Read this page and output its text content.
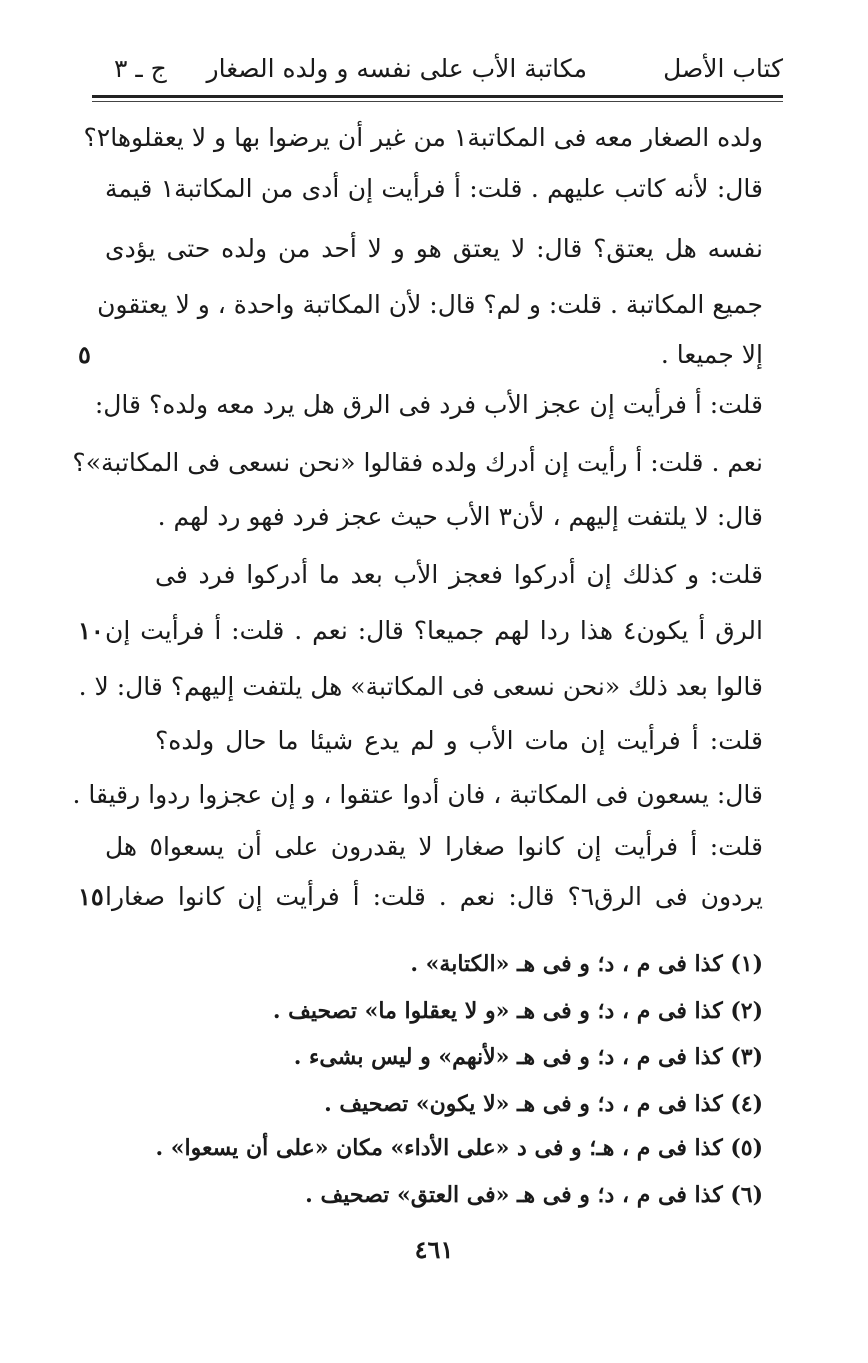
كتاب الأصل
مكاتبة الأب على نفسه و ولده الصغار
ج ـ ٣
ولده الصغار معه فى المكاتبة١ من غير أن يرضوا بها و لا يعقلوها٢؟
قال: لأنه كاتب عليهم . قلت: أ فرأيت إن أدى من المكاتبة١ قيمة
نفسه هل يعتق؟ قال: لا يعتق هو و لا أحد من ولده حتى يؤدى
جميع المكاتبة . قلت: و لم؟ قال: لأن المكاتبة واحدة ، و لا يعتقون
إلا جميعا .
قلت: أ فرأيت إن عجز الأب فرد فى الرق هل يرد معه ولده؟ قال:
نعم . قلت: أ رأيت إن أدرك ولده فقالوا «نحن نسعى فى المكاتبة»؟
قال: لا يلتفت إليهم ، لأن٣ الأب حيث عجز فرد فهو رد لهم .
قلت: و كذلك إن أدركوا فعجز الأب بعد ما أدركوا فرد فى
الرق أ يكون٤ هذا ردا لهم جميعا؟ قال: نعم . قلت: أ فرأيت إن
قالوا بعد ذلك «نحن نسعى فى المكاتبة» هل يلتفت إليهم؟ قال: لا .
قلت: أ فرأيت إن مات الأب و لم يدع شيئا ما حال ولده؟
قال: يسعون فى المكاتبة ، فان أدوا عتقوا ، و إن عجزوا ردوا رقيقا .
قلت: أ فرأيت إن كانوا صغارا لا يقدرون على أن يسعوا٥ هل
يردون فى الرق٦؟ قال: نعم . قلت: أ فرأيت إن كانوا صغارا
٥
١٠
١٥
(١) كذا فى م ، د؛ و فى هـ «الكتابة» .
(٢) كذا فى م ، د؛ و فى هـ «و لا يعقلوا ما» تصحيف .
(٣) كذا فى م ، د؛ و فى هـ «لأنهم» و ليس بشىء .
(٤) كذا فى م ، د؛ و فى هـ «لا يكون» تصحيف .
(٥) كذا فى م ، هـ؛ و فى د «على الأداء» مكان «على أن يسعوا» .
(٦) كذا فى م ، د؛ و فى هـ «فى العتق» تصحيف .
٤٦١
